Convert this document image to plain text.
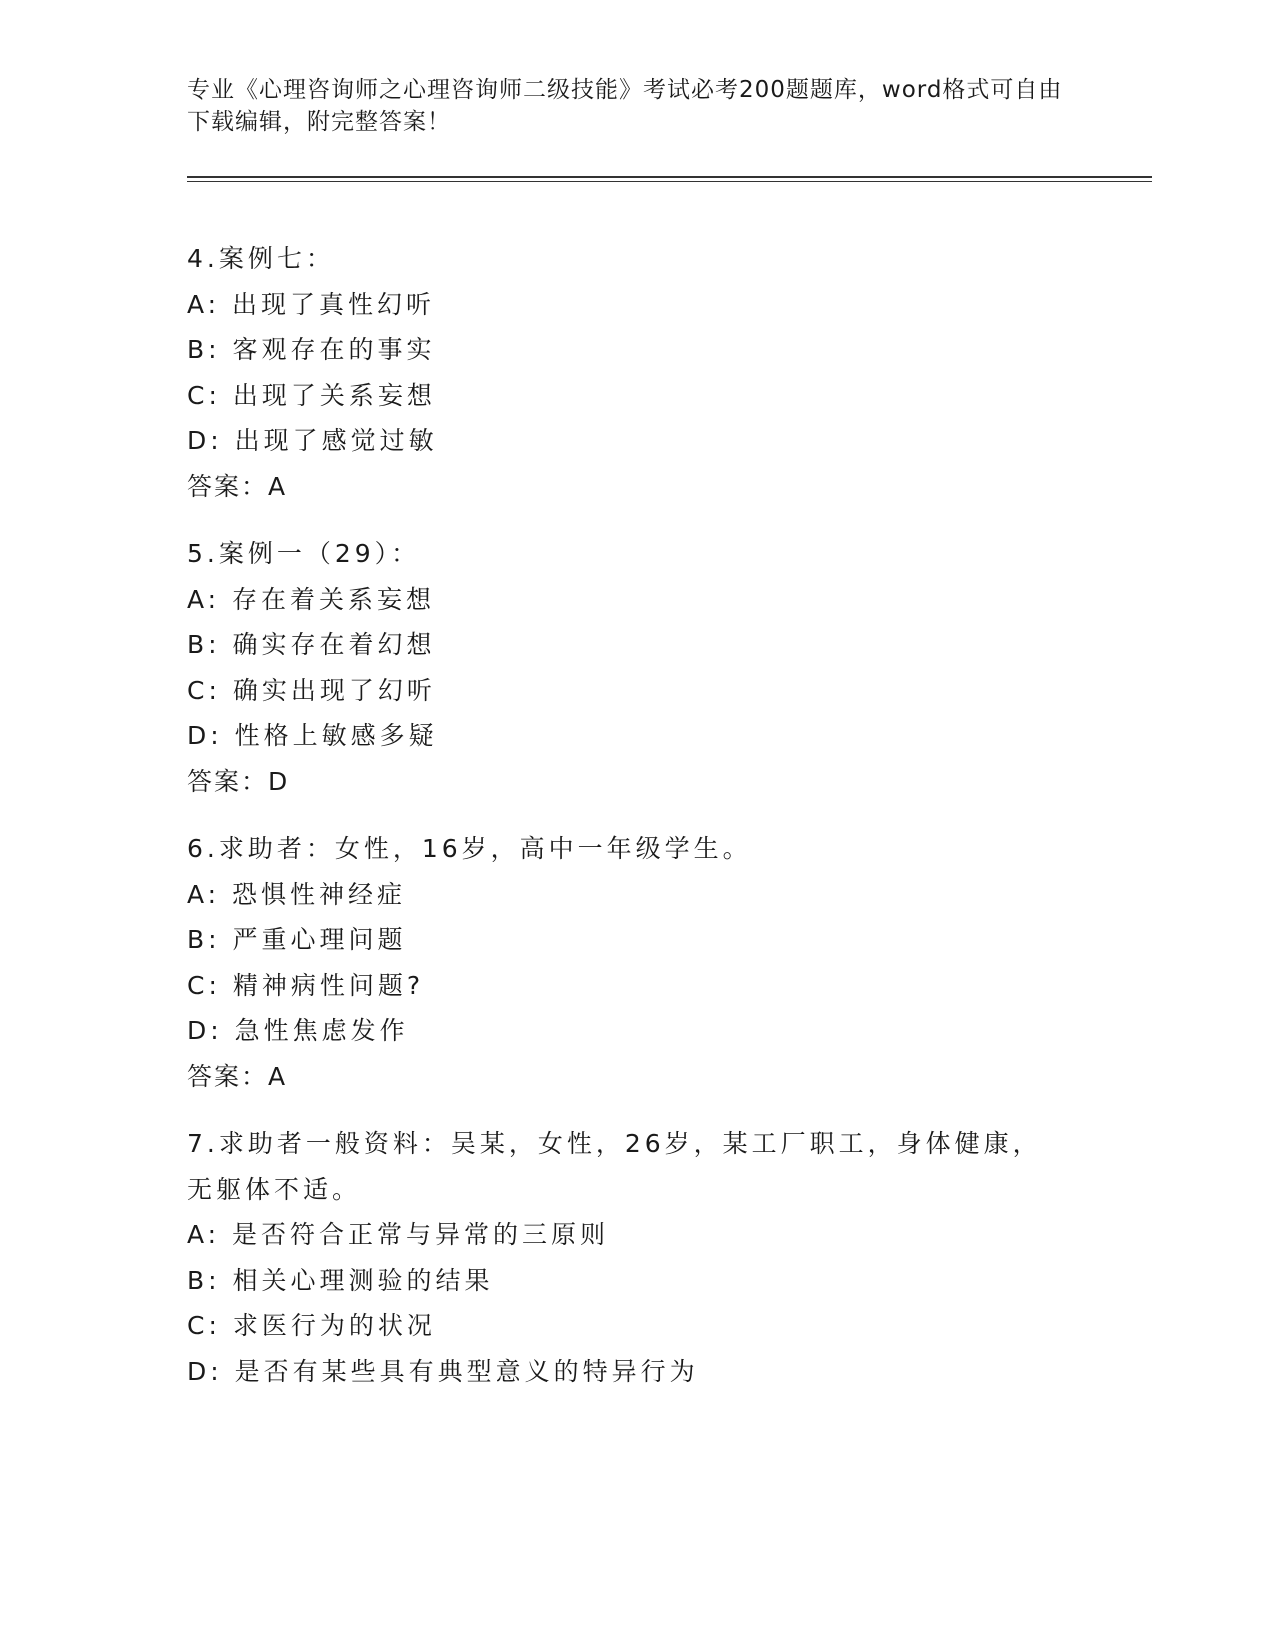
专业《心理咨询师之心理咨询师二级技能》考试必考200题题库，word格式可自由下载编辑，附完整答案！
4.案例七：
A: 出现了真性幻听
B: 客观存在的事实
C: 出现了关系妄想
D: 出现了感觉过敏
答案：A
5.案例一（29）：
A: 存在着关系妄想
B: 确实存在着幻想
C: 确实出现了幻听
D: 性格上敏感多疑
答案：D
6.求助者：女性，16岁，高中一年级学生。
A: 恐惧性神经症
B: 严重心理问题
C: 精神病性问题?
D: 急性焦虑发作
答案：A
7.求助者一般资料：吴某，女性，26岁，某工厂职工，身体健康，无躯体不适。
A: 是否符合正常与异常的三原则
B: 相关心理测验的结果
C: 求医行为的状况
D: 是否有某些具有典型意义的特异行为
